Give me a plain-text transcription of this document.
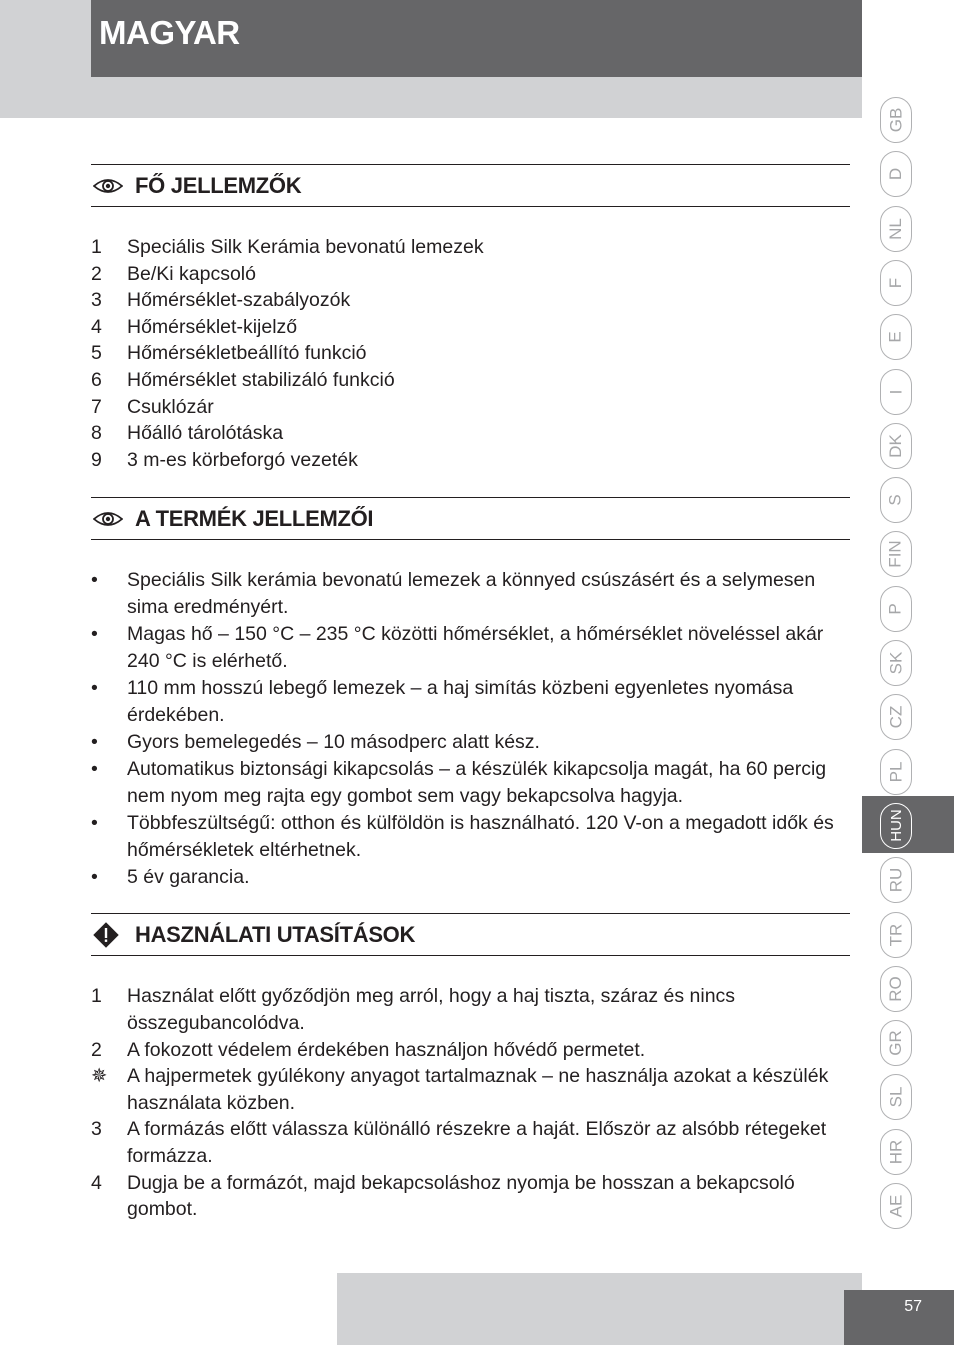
MAGYAR
FŐ JELLEMZŐK
1	Speciális Silk Kerámia bevonatú lemezek
2	Be/Ki kapcsoló
3	Hőmérséklet-szabályozók
4	Hőmérséklet-kijelző
5	Hőmérsékletbeállító funkció
6	Hőmérséklet stabilizáló funkció
7	Csuklózár
8	Hőálló tárolótáska
9	3 m-es körbeforgó vezeték
A TERMÉK JELLEMZŐI
•	Speciális Silk kerámia bevonatú lemezek a könnyed csúszásért és a selymesen sima eredményért.
•	Magas hő – 150 °C – 235 °C közötti hőmérséklet, a hőmérséklet növeléssel akár 240 °C is elérhető.
•	110 mm hosszú lebegő lemezek – a haj simítás közbeni egyenletes nyomása érdekében.
•	Gyors bemelegedés – 10 másodperc alatt kész.
•	Automatikus biztonsági kikapcsolás – a készülék kikapcsolja magát, ha 60 percig nem nyom meg rajta egy gombot sem vagy bekapcsolva hagyja.
•	Többfeszültségű: otthon és külföldön is használható. 120 V-on a megadott idők és hőmérsékletek eltérhetnek.
•	5 év garancia.
HASZNÁLATI UTASÍTÁSOK
1	Használat előtt győződjön meg arról, hogy a haj tiszta, száraz és nincs összegubancolódva.
2	A fokozott védelem érdekében használjon hővédő permetet.
✵	A hajpermetek gyúlékony anyagot tartalmaznak – ne használja azokat a készülék használata közben.
3	A formázás előtt válassza különálló részekre a haját. Először az alsóbb rétegeket formázza.
4	Dugja be a formázót, majd bekapcsoláshoz nyomja be hosszan a bekapcsoló gombot.
GB
D
NL
F
E
I
DK
S
FIN
P
SK
CZ
PL
HUN
RU
TR
RO
GR
SL
HR
AE
57
